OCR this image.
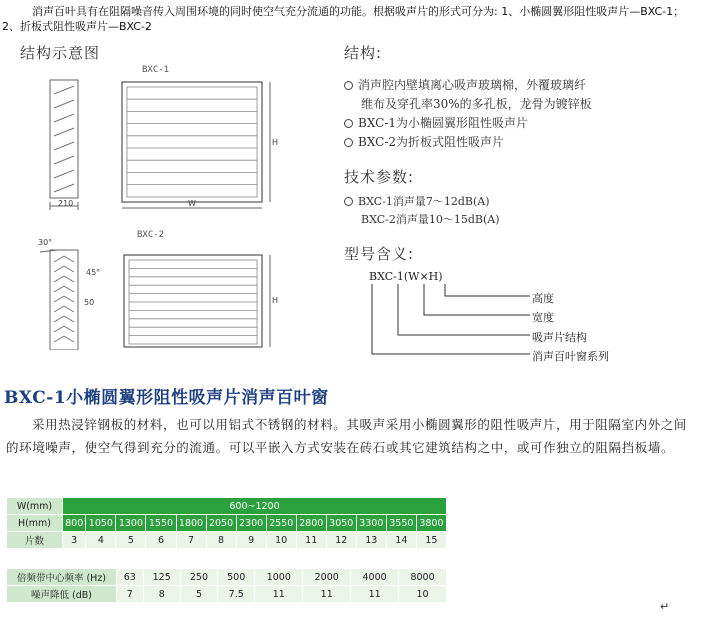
消声百叶具有在阻隔噪音传入周围环境的同时使空气充分流通的功能。根据吸声片的形式可分为: 1、小椭圆翼形阻性吸声片—BXC-1；2、折板式阻性吸声片—BXC-2
结构示意图
BXC-1
BXC-2
210	W
H
H
30°
45°
50
结构:
消声腔内壁填离心吸声玻璃棉，外覆玻璃纤
维布及穿孔率30%的多孔板，龙骨为镀锌板
BXC-1为小椭圆翼形阻性吸声片
BXC-2为折板式阻性吸声片
技术参数:
BXC-1消声量7～12dB(A)
BXC-2消声量10～15dB(A)
型号含义:
BXC-1(W×H)
高度
宽度
吸声片结构
消声百叶窗系列
BXC-1小椭圆翼形阻性吸声片消声百叶窗
采用热浸锌钢板的材料，也可以用铝式不锈钢的材料。其吸声采用小椭圆翼形的阻性吸声片，用于阻隔室内外之间的环境噪声，使空气得到充分的流通。可以平嵌入方式安装在砖石或其它建筑结构之中，或可作独立的阻隔挡板墙。
W(mm)	600~1200												
H(mm)	800	1050	1300	1550	1800	2050	2300	2550	2800	3050	3300	3550	3800
片数	3	4	5	6	7	8	9	10	11	12	13	14	15
倍频带中心频率 (Hz)	63	125	250	500	1000	2000	4000	8000
噪声降低 (dB)	7	8	5	7.5	11	11	11	10
↵
